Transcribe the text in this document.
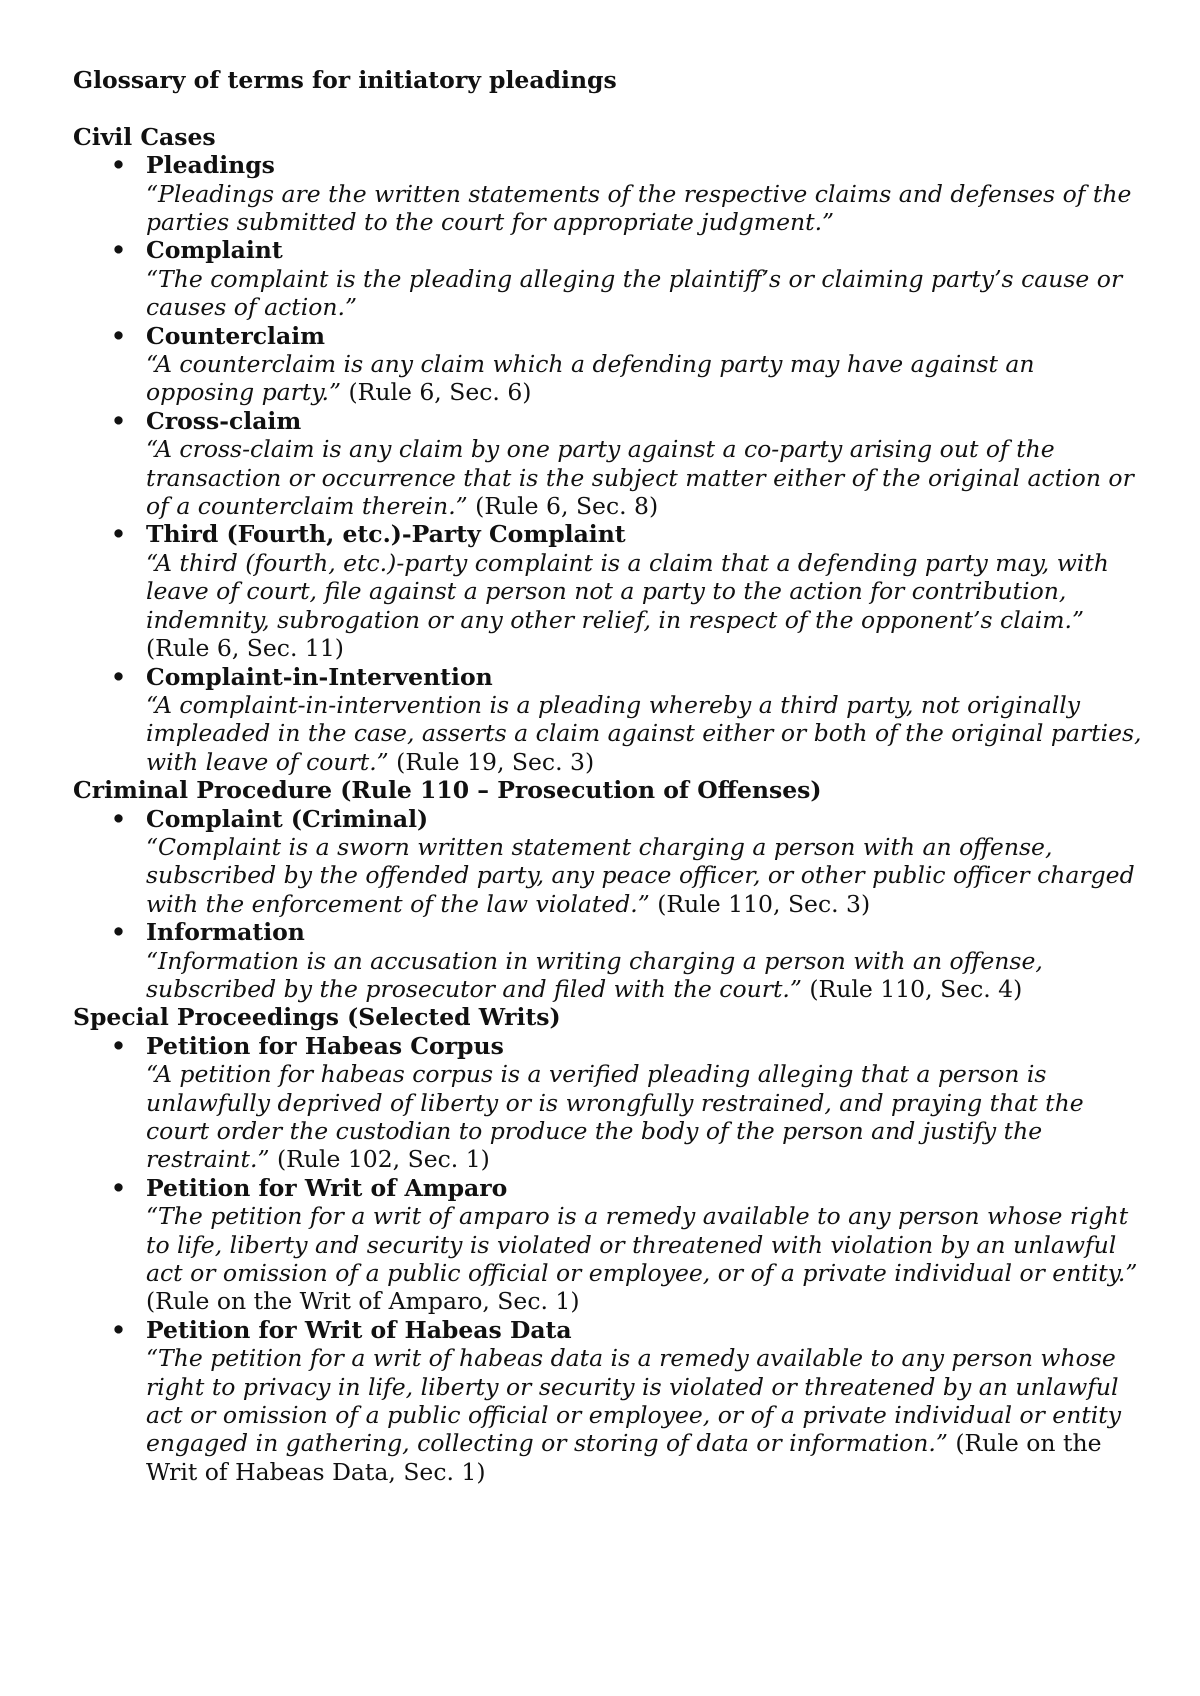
Glossary of terms for initiatory pleadings

Civil Cases

• Pleadings
“Pleadings are the written statements of the respective claims and defenses of the parties submitted to the court for appropriate judgment.”
• Complaint
“The complaint is the pleading alleging the plaintiff’s or claiming party’s cause or causes of action.”
• Counterclaim
“A counterclaim is any claim which a defending party may have against an opposing party.” (Rule 6, Sec. 6)
• Cross-claim
“A cross-claim is any claim by one party against a co-party arising out of the transaction or occurrence that is the subject matter either of the original action or of a counterclaim therein.” (Rule 6, Sec. 8)
• Third (Fourth, etc.)-Party Complaint
“A third (fourth, etc.)-party complaint is a claim that a defending party may, with leave of court, file against a person not a party to the action for contribution, indemnity, subrogation or any other relief, in respect of the opponent’s claim.” (Rule 6, Sec. 11)
• Complaint-in-Intervention
“A complaint-in-intervention is a pleading whereby a third party, not originally impleaded in the case, asserts a claim against either or both of the original parties, with leave of court.” (Rule 19, Sec. 3)

Criminal Procedure (Rule 110 – Prosecution of Offenses)

• Complaint (Criminal)
“Complaint is a sworn written statement charging a person with an offense, subscribed by the offended party, any peace officer, or other public officer charged with the enforcement of the law violated.” (Rule 110, Sec. 3)
• Information
“Information is an accusation in writing charging a person with an offense, subscribed by the prosecutor and filed with the court.” (Rule 110, Sec. 4)

Special Proceedings (Selected Writs)

• Petition for Habeas Corpus
“A petition for habeas corpus is a verified pleading alleging that a person is unlawfully deprived of liberty or is wrongfully restrained, and praying that the court order the custodian to produce the body of the person and justify the restraint.” (Rule 102, Sec. 1)
• Petition for Writ of Amparo
“The petition for a writ of amparo is a remedy available to any person whose right to life, liberty and security is violated or threatened with violation by an unlawful act or omission of a public official or employee, or of a private individual or entity.” (Rule on the Writ of Amparo, Sec. 1)
• Petition for Writ of Habeas Data
“The petition for a writ of habeas data is a remedy available to any person whose right to privacy in life, liberty or security is violated or threatened by an unlawful act or omission of a public official or employee, or of a private individual or entity engaged in gathering, collecting or storing of data or information.” (Rule on the Writ of Habeas Data, Sec. 1)
